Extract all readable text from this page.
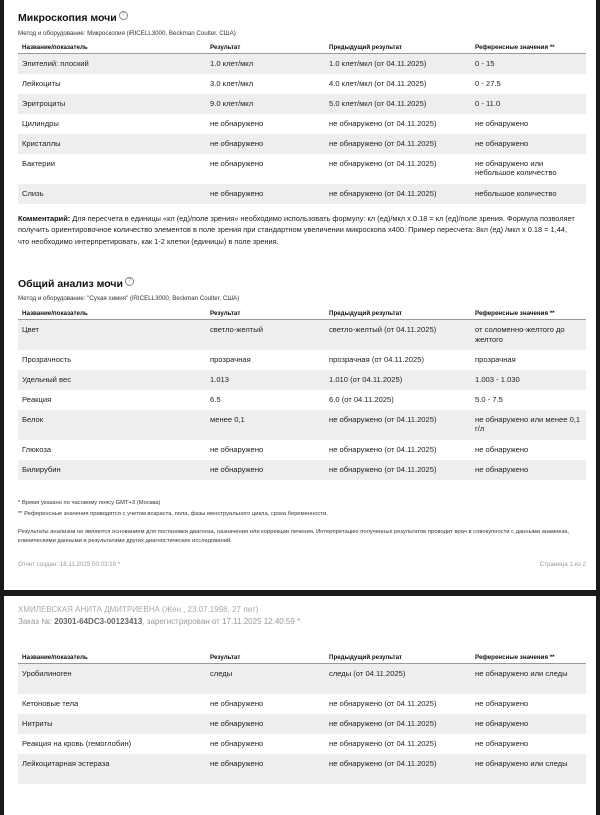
Микроскопия мочи ?
Метод и оборудование: Микроскопия (iRICELL3000, Beckman Coulter, США)
Название/показатель	Результат	Предыдущий результат	Референсные значения **
Эпителий: плоский	1.0 клет/мкл	1.0 клет/мкл (от 04.11.2025)	0 - 15
Лейкоциты	3.0 клет/мкл	4.0 клет/мкл (от 04.11.2025)	0 - 27.5
Эритроциты	9.0 клет/мкл	5.0 клет/мкл (от 04.11.2025)	0 - 11.0
Цилиндры	не обнаружено	не обнаружено (от 04.11.2025)	не обнаружено
Кристаллы	не обнаружено	не обнаружено (от 04.11.2025)	не обнаружено
Бактерии	не обнаружено	не обнаружено (от 04.11.2025)	не обнаружено или небольшое количество
Слизь	не обнаружено	не обнаружено (от 04.11.2025)	небольшое количество
Комментарий: Для пересчета в единицы «кл (ед)/поле зрения» необходимо использовать формулу: кл (ед)/мкл x 0.18 = кл (ед)/поле зрения. Формула позволяет получить ориентировочное количество элементов в поле зрения при стандартном увеличении микроскопа x400. Пример пересчета: 8кл (ед) /мкл x 0.18 = 1,44, что необходимо интерпретировать, как 1-2 клетки (единицы) в поле зрения.
Общий анализ мочи ?
Метод и оборудование: "Сухая химия" (iRICELL3000, Beckman Coulter, США)
Название/показатель	Результат	Предыдущий результат	Референсные значения **
Цвет	светло-желтый	светло-желтый (от 04.11.2025)	от соломенно-желтого до желтого
Прозрачность	прозрачная	прозрачная (от 04.11.2025)	прозрачная
Удельный вес	1.013	1.010 (от 04.11.2025)	1.003 - 1.030
Реакция	6.5	6.0 (от 04.11.2025)	5.0 - 7.5
Белок	менее 0,1	не обнаружено (от 04.11.2025)	не обнаружено или менее 0,1 г/л
Глюкоза	не обнаружено	не обнаружено (от 04.11.2025)	не обнаружено
Билирубин	не обнаружено	не обнаружено (от 04.11.2025)	не обнаружено
* Время указано по часовому поясу GMT+3 (Москва)
** Референсные значения приводятся с учетом возраста, пола, фазы менструального цикла, срока беременности.
Результаты анализов не являются основанием для постановки диагноза, назначения или коррекции лечения. Интерпретацию полученных результатов проводит врач в совокупности с данными анамнеза, клиническими данными и результатами других диагностических исследований.
Отчет создан: 18.11.2025 00:03:19 *	Страница 1 из 2
ХМИЛЕВСКАЯ АНИТА ДМИТРИЕВНА (Жен., 23.07.1998, 27 лет)
Заказ №: 20301-64DC3-00123413, зарегистрирован от 17.11.2025 12:40:59 *
Название/показатель	Результат	Предыдущий результат	Референсные значения **
Уробилиноген	следы	следы (от 04.11.2025)	не обнаружено или следы
Кетоновые тела	не обнаружено	не обнаружено (от 04.11.2025)	не обнаружено
Нитриты	не обнаружено	не обнаружено (от 04.11.2025)	не обнаружено
Реакция на кровь (гемоглобин)	не обнаружено	не обнаружено (от 04.11.2025)	не обнаружено
Лейкоцитарная эстераза	не обнаружено	не обнаружено (от 04.11.2025)	не обнаружено или следы
